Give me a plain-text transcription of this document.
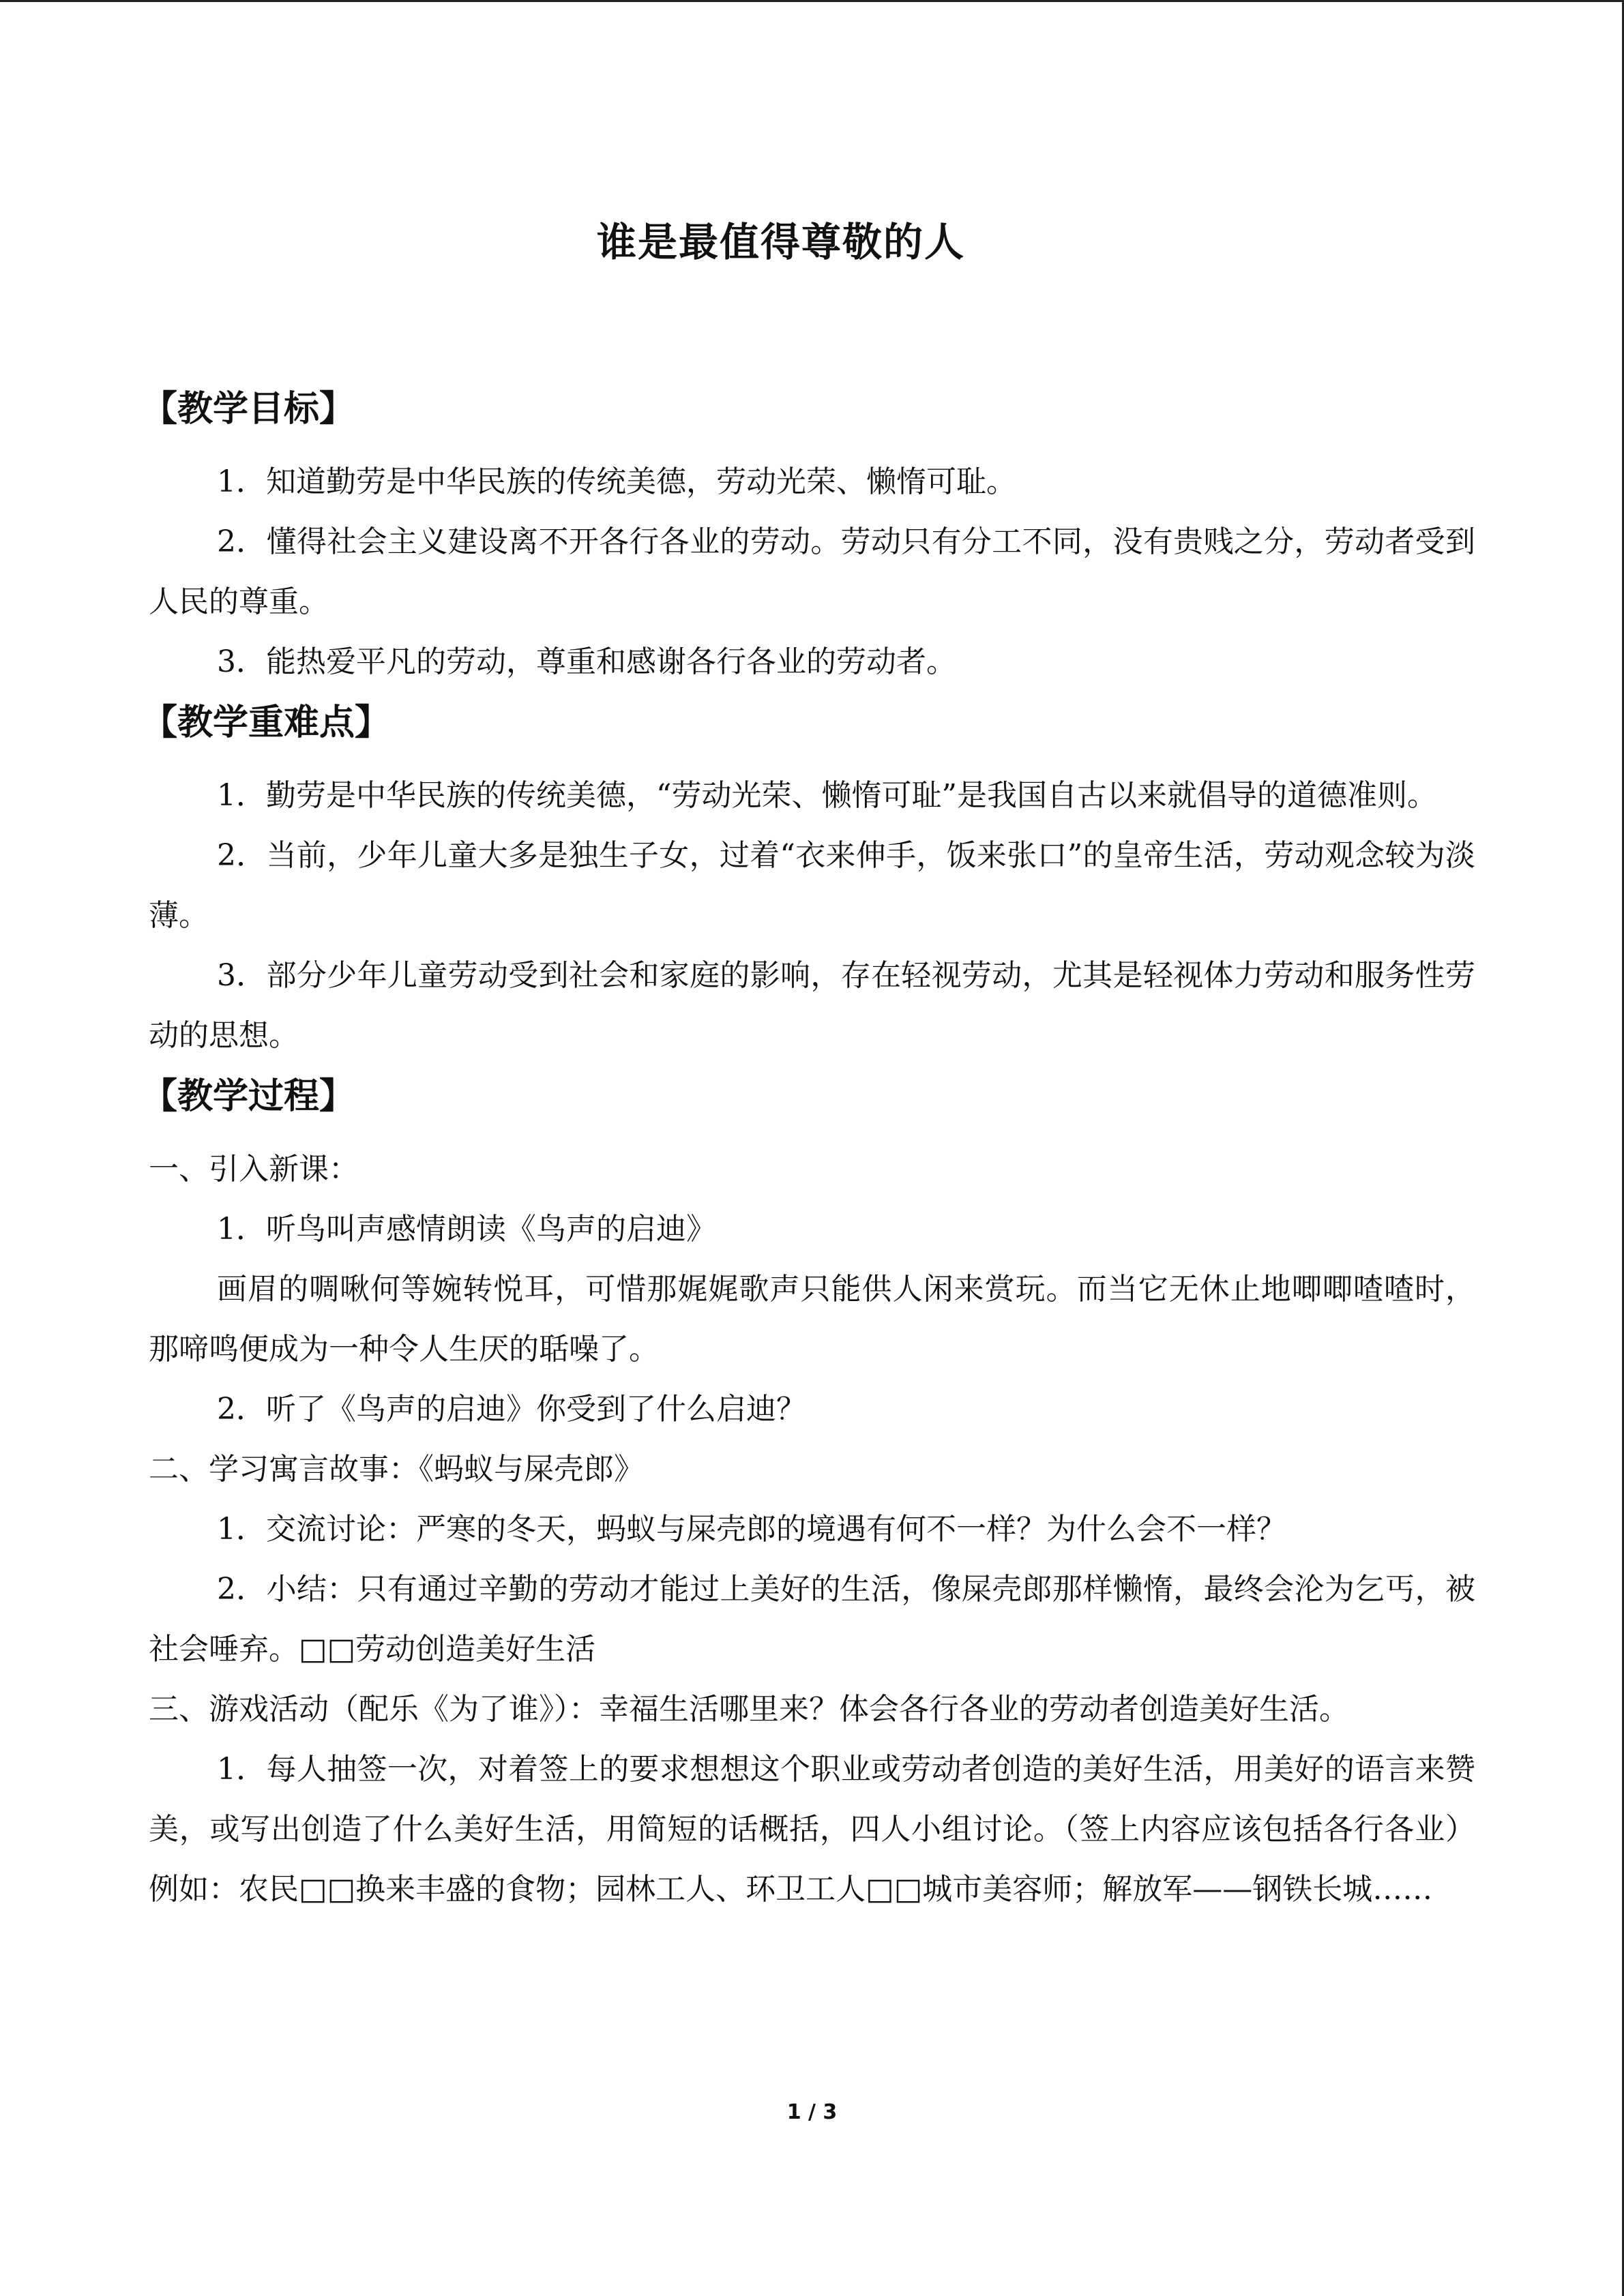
谁是最值得尊敬的人
【教学目标】

1．知道勤劳是中华民族的传统美德，劳动光荣、懒惰可耻。

2．懂得社会主义建设离不开各行各业的劳动。劳动只有分工不同，没有贵贱之分，劳动者受到人民的尊重。

3．能热爱平凡的劳动，尊重和感谢各行各业的劳动者。

【教学重难点】

1．勤劳是中华民族的传统美德，“劳动光荣、懒惰可耻”是我国自古以来就倡导的道德准则。

2．当前，少年儿童大多是独生子女，过着“衣来伸手，饭来张口”的皇帝生活，劳动观念较为淡薄。

3．部分少年儿童劳动受到社会和家庭的影响，存在轻视劳动，尤其是轻视体力劳动和服务性劳动的思想。

【教学过程】

一、引入新课：

1．听鸟叫声感情朗读《鸟声的启迪》

画眉的啁啾何等婉转悦耳，可惜那娓娓歌声只能供人闲来赏玩。而当它无休止地唧唧喳喳时，那啼鸣便成为一种令人生厌的聒噪了。

2．听了《鸟声的启迪》你受到了什么启迪？

二、学习寓言故事：《蚂蚁与屎壳郎》

1．交流讨论：严寒的冬天，蚂蚁与屎壳郎的境遇有何不一样？为什么会不一样？

2．小结：只有通过辛勤的劳动才能过上美好的生活，像屎壳郎那样懒惰，最终会沦为乞丐，被社会唾弃。□□劳动创造美好生活

三、游戏活动（配乐《为了谁》）：幸福生活哪里来？体会各行各业的劳动者创造美好生活。

1．每人抽签一次，对着签上的要求想想这个职业或劳动者创造的美好生活，用美好的语言来赞美，或写出创造了什么美好生活，用简短的话概括，四人小组讨论。（签上内容应该包括各行各业）例如：农民□□换来丰盛的食物；园林工人、环卫工人□□城市美容师；解放军——钢铁长城……

1 / 3
